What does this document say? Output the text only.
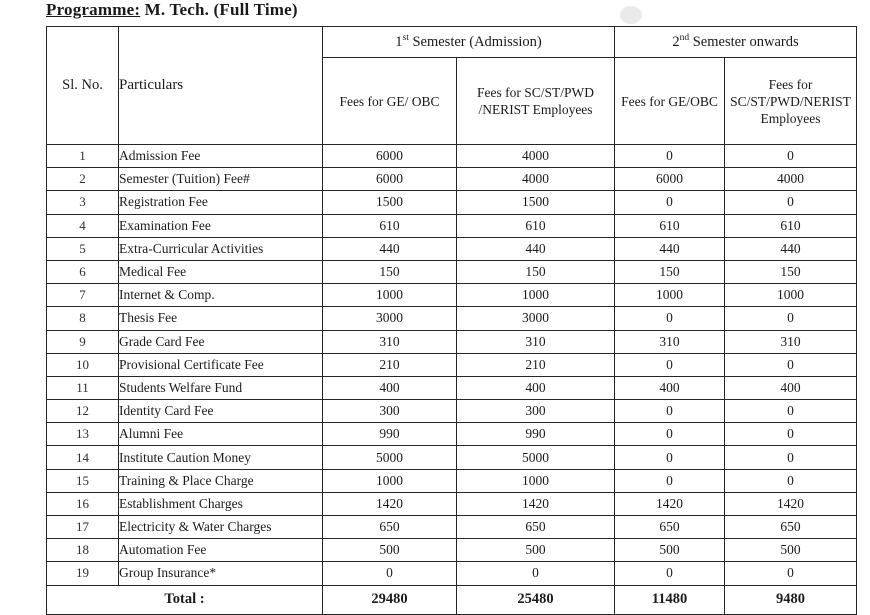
Programme: M. Tech. (Full Time)
Sl. No.	Particulars	1st Semester (Admission)		2nd Semester onwards	
		Fees for GE/ OBC	Fees for SC/ST/PWD /NERIST Employees	Fees for GE/OBC	Fees for SC/ST/PWD/NERIST Employees
1	Admission Fee	6000	4000	0	0
2	Semester (Tuition) Fee#	6000	4000	6000	4000
3	Registration Fee	1500	1500	0	0
4	Examination Fee	610	610	610	610
5	Extra-Curricular Activities	440	440	440	440
6	Medical Fee	150	150	150	150
7	Internet & Comp.	1000	1000	1000	1000
8	Thesis Fee	3000	3000	0	0
9	Grade Card Fee	310	310	310	310
10	Provisional Certificate Fee	210	210	0	0
11	Students Welfare Fund	400	400	400	400
12	Identity Card Fee	300	300	0	0
13	Alumni Fee	990	990	0	0
14	Institute Caution Money	5000	5000	0	0
15	Training & Place Charge	1000	1000	0	0
16	Establishment Charges	1420	1420	1420	1420
17	Electricity & Water Charges	650	650	650	650
18	Automation Fee	500	500	500	500
19	Group Insurance*	0	0	0	0
Total :		29480	25480	11480	9480
